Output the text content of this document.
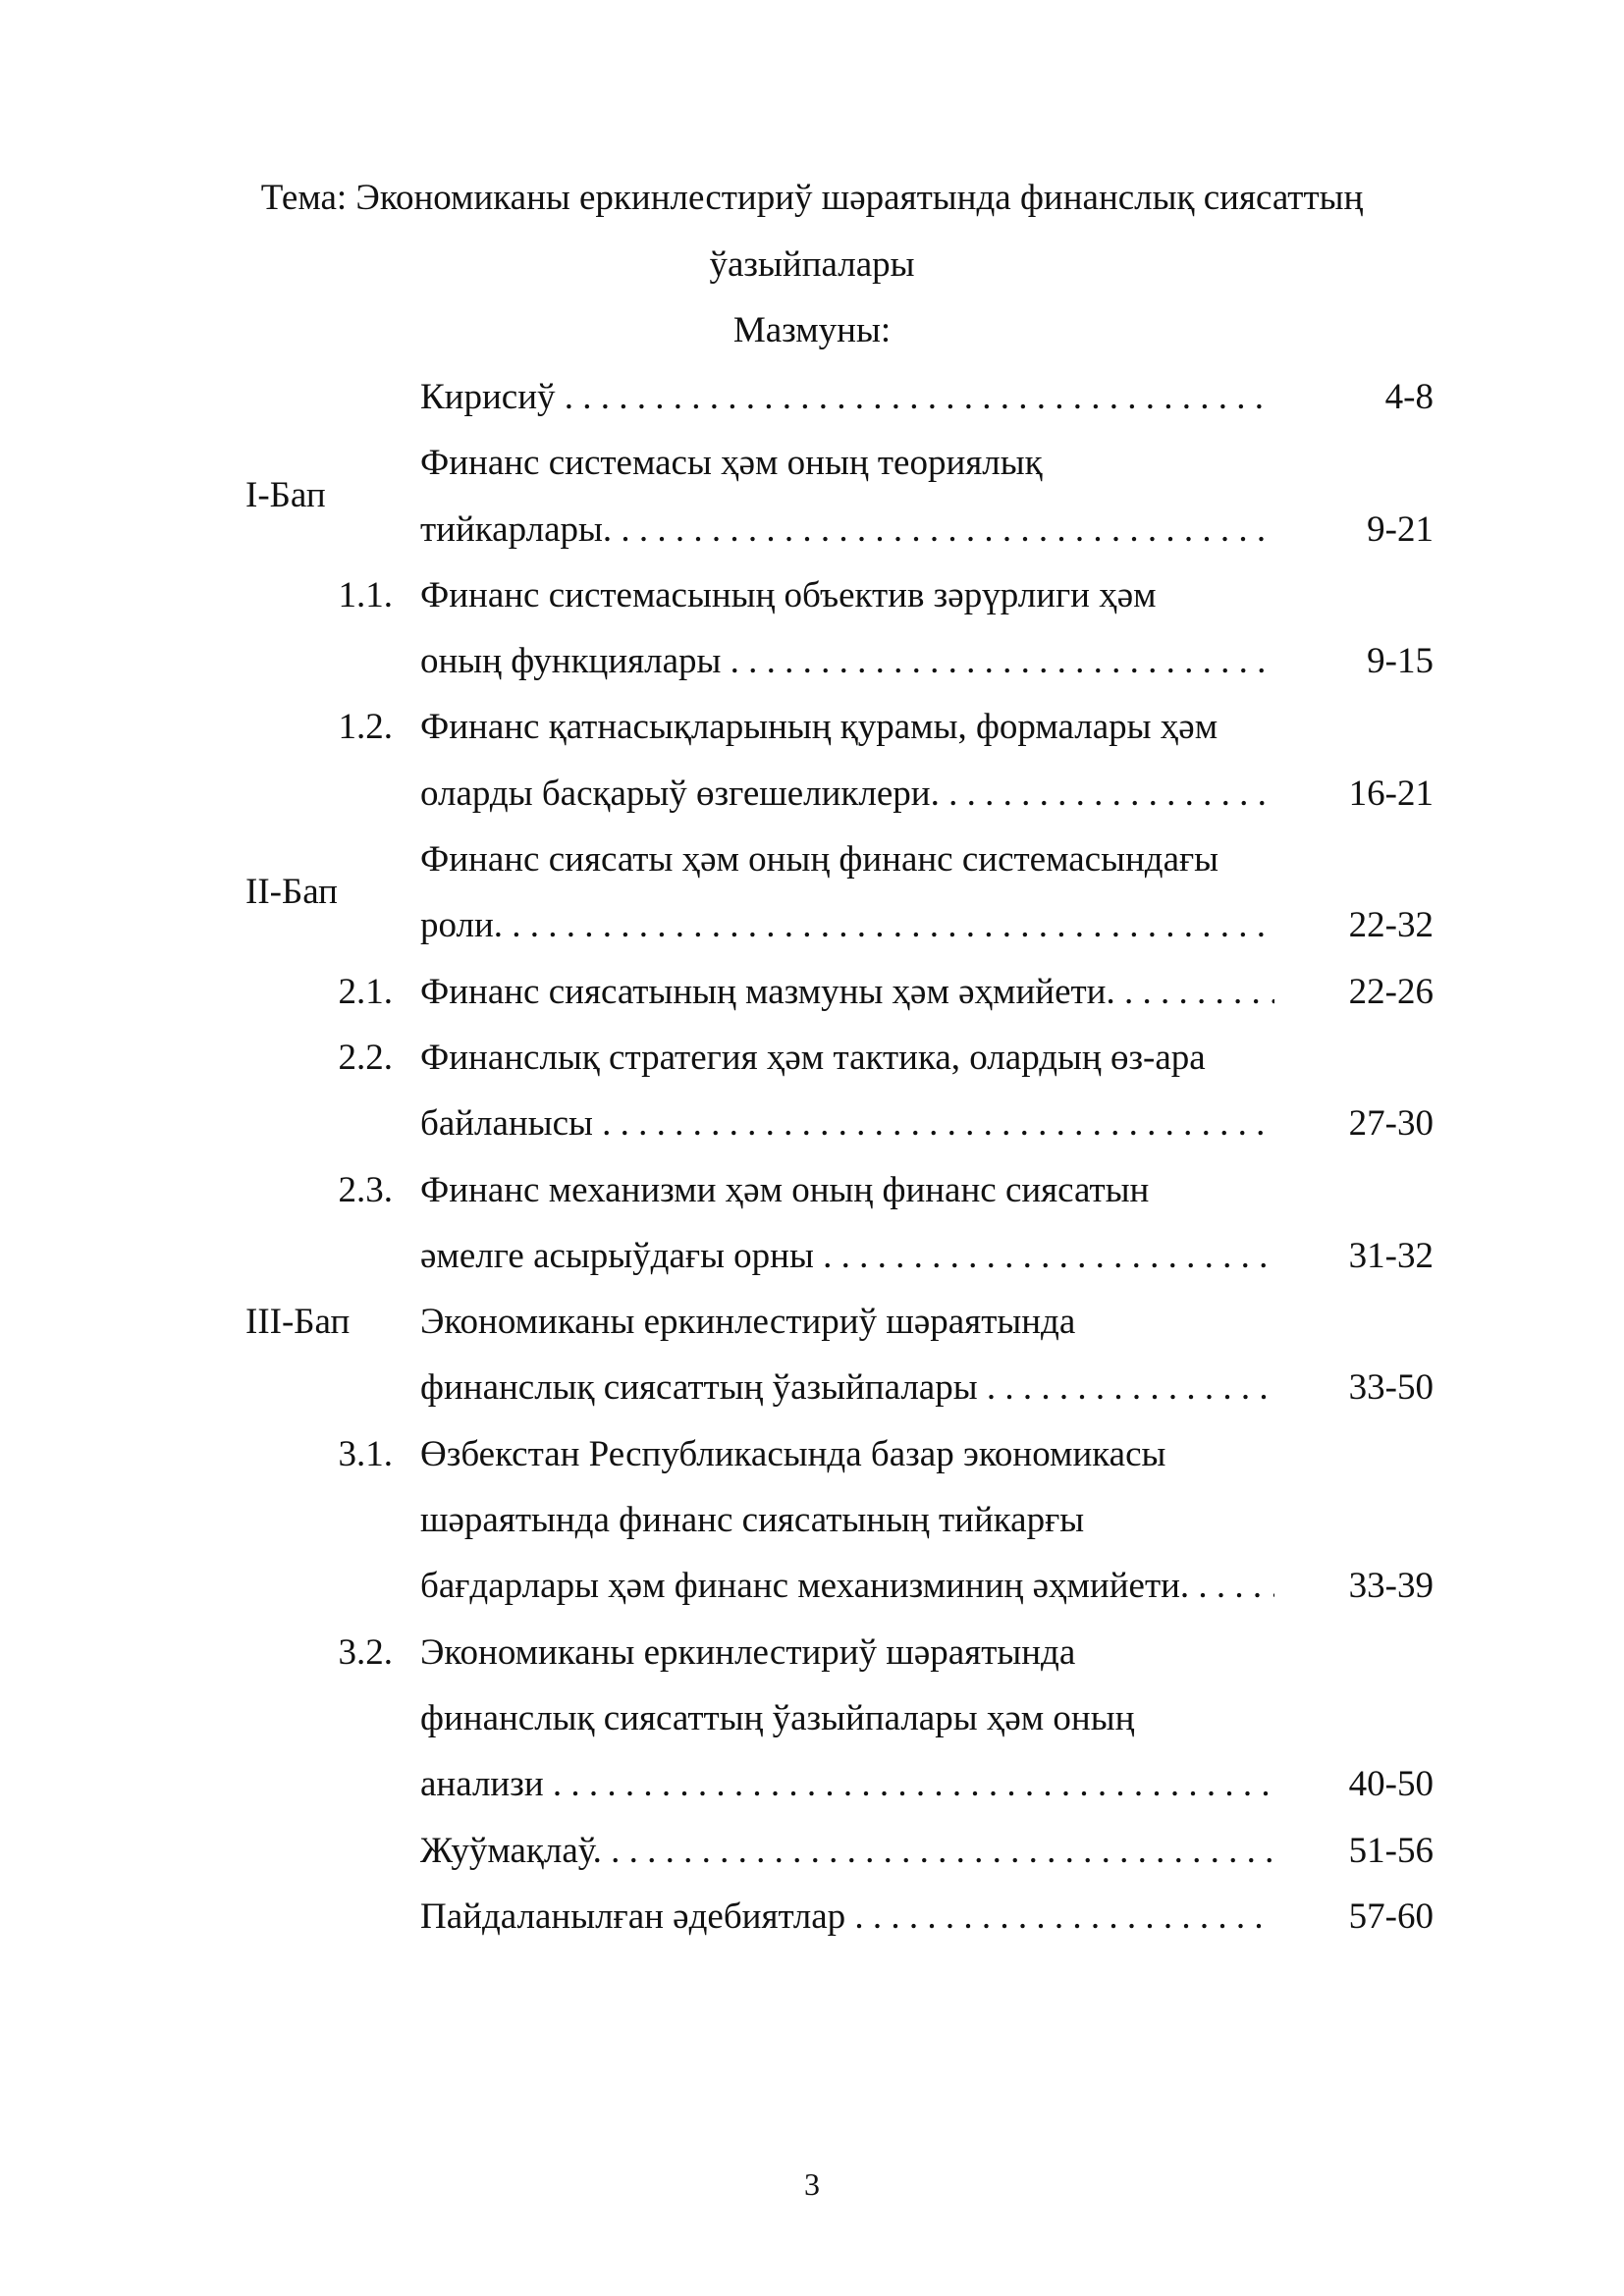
Тема: Экономиканы еркинлестириў шәраятында финанслық сиясаттың
ўазыйпалары
Мазмуны:
Кирисиў . . .	4-8
I-Бап
Финанс системасы ҳәм оның теориялық
тийкарлары. . . .	9-21
1.1. Финанс системасының объектив зәрүрлиги ҳәм
оның функциялары . . .	9-15
1.2. Финанс қатнасықларының қурамы, формалары ҳәм
оларды басқарыў өзгешеликлери. . . .	16-21
II-Бап
Финанс сиясаты ҳәм оның финанс системасындағы
роли. . . .	22-32
2.1. Финанс сиясатының мазмуны ҳәм әҳмийети. . . .	22-26
2.2. Финанслық стратегия ҳәм тактика, олардың өз-ара
байланысы . . .	27-30
2.3. Финанс механизми ҳәм оның финанс сиясатын
әмелге асырыўдағы орны . . .	31-32
III-Бап Экономиканы еркинлестириў шәраятында
финанслық сиясаттың ўазыйпалары . . .	33-50
3.1. Өзбекстан Республикасында базар экономикасы
шәраятында финанс сиясатының тийкарғы
бағдарлары ҳәм финанс механизминиң әҳмийети. . . .	33-39
3.2. Экономиканы еркинлестириў шәраятында
финанслық сиясаттың ўазыйпалары ҳәм оның
анализи . . .	40-50
Жуўмақлаў. . . .	51-56
Пайдаланылған әдебиятлар . . .	57-60
3
